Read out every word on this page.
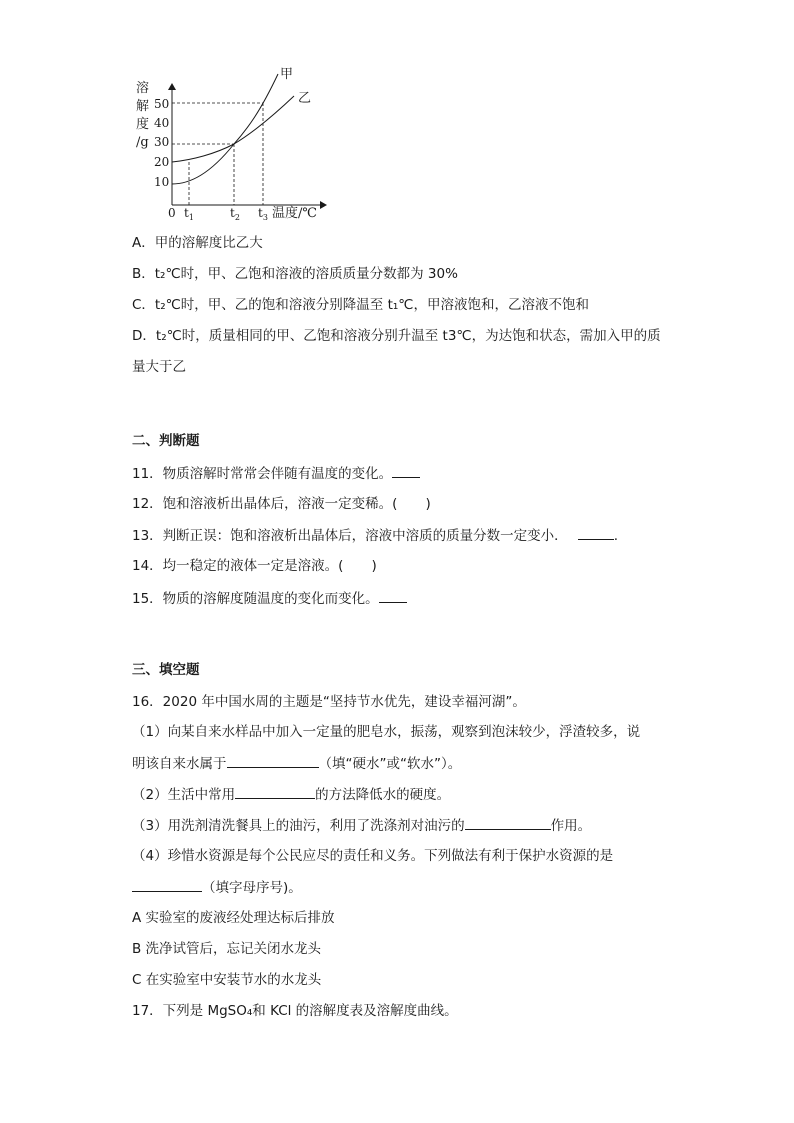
溶
解
度
/g
50
40
30
20
10
0 $t_1$	$t_2$ $t_3$ 温度/℃
甲
乙
A．甲的溶解度比乙大
B．t₂℃时，甲、乙饱和溶液的溶质质量分数都为 30%
C．t₂℃时，甲、乙的饱和溶液分别降温至 t₁℃，甲溶液饱和，乙溶液不饱和
D．t₂℃时，质量相同的甲、乙饱和溶液分别升温至 t3℃，为达饱和状态，需加入甲的质
量大于乙
二、判断题
11．物质溶解时常常会伴随有温度的变化。
12．饱和溶液析出晶体后，溶液一定变稀。( )
13．判断正误：饱和溶液析出晶体后，溶液中溶质的质量分数一定变小．	.
14．均一稳定的液体一定是溶液。( )
15．物质的溶解度随温度的变化而变化。
三、填空题
16．2020 年中国水周的主题是“坚持节水优先，建设幸福河湖”。
（1）向某自来水样品中加入一定量的肥皂水，振荡，观察到泡沫较少，浮渣较多，说
明该自来水属于	（填“硬水”或“软水”）。
（2）生活中常用	的方法降低水的硬度。
（3）用洗剂清洗餐具上的油污，利用了洗涤剂对油污的	作用。
（4）珍惜水资源是每个公民应尽的责任和义务。下列做法有利于保护水资源的是
（填字母序号)。
A 实验室的废液经处理达标后排放
B 洗净试管后，忘记关闭水龙头
C 在实验室中安装节水的水龙头
17．下列是 MgSO₄和 KCl 的溶解度表及溶解度曲线。
